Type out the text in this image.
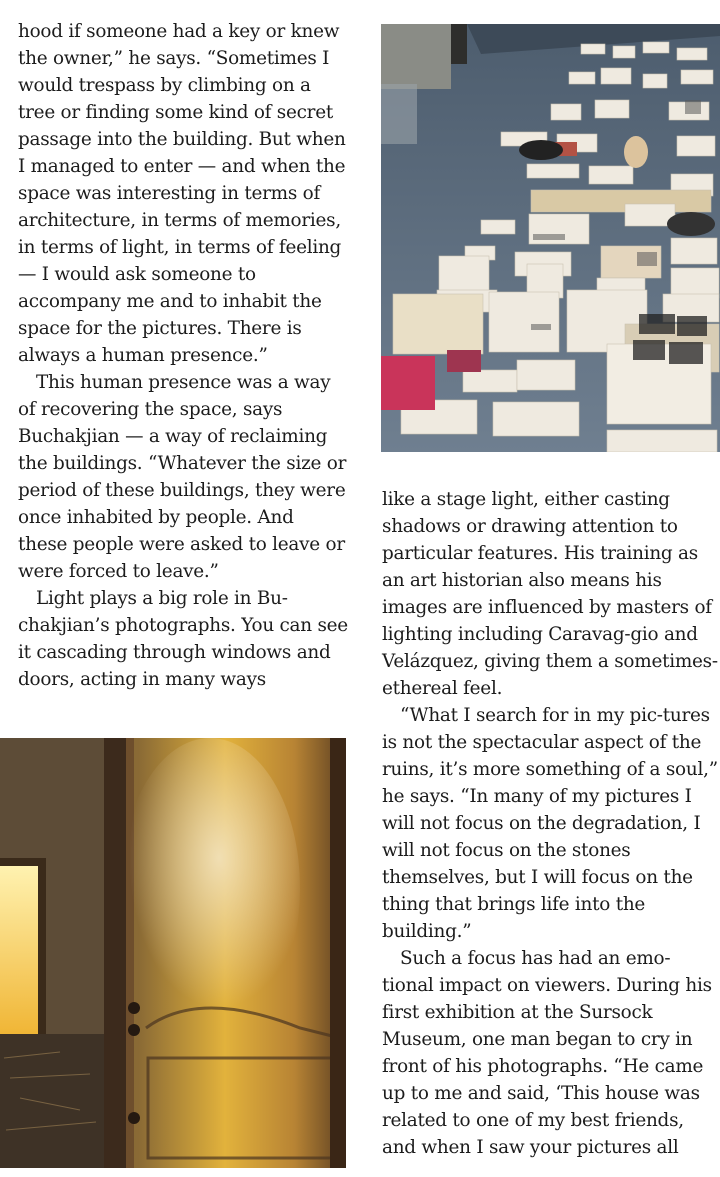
hood if someone had a key or knew the owner,” he says. “Sometimes I would trespass by climbing on a tree or finding some kind of secret passage into the building. But when I managed to enter — and when the space was interesting in terms of architecture, in terms of memories, in terms of light, in terms of feeling — I would ask someone to accompany me and to inhabit the space for the pictures. There is always a human presence.”

This human presence was a way of recovering the space, says Buchakjian — a way of reclaiming the buildings. “Whatever the size or period of these buildings, they were once inhabited by people. And these people were asked to leave or were forced to leave.”

Light plays a big role in Bu-chakjian’s photographs. You can see it cascading through windows and doors, acting in many ways

like a stage light, either casting shadows or drawing attention to particular features. His training as an art historian also means his images are influenced by masters of lighting including Caravag-gio and Velázquez, giving them a sometimes-ethereal feel.

“What I search for in my pic-tures is not the spectacular aspect of the ruins, it’s more something of a soul,” he says. “In many of my pictures I will not focus on the degradation, I will not focus on the stones themselves, but I will focus on the thing that brings life into the building.”

Such a focus has had an emo-tional impact on viewers. During his first exhibition at the Sursock Museum, one man began to cry in front of his photographs. “He came up to me and said, ‘This house was related to one of my best friends, and when I saw your pictures all
